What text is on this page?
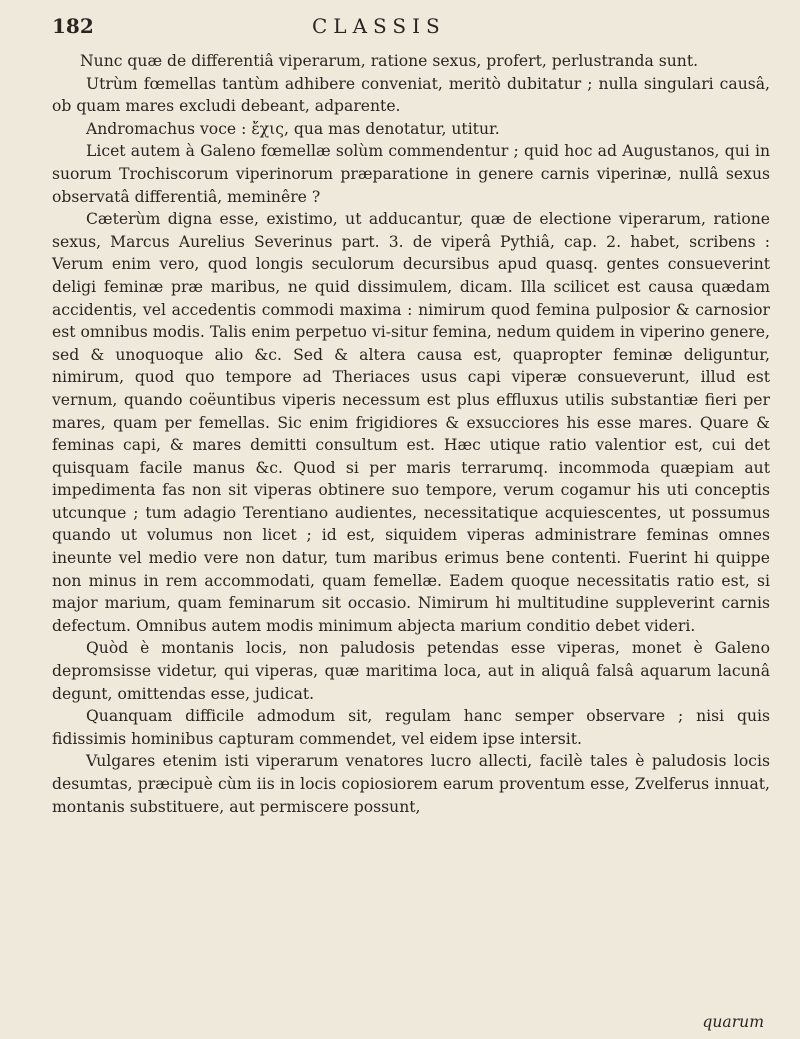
182	CLASSIS

Nunc quæ de differentiâ viperarum, ratione sexus, profert, perlustranda sunt.

Utrùm fœmellas tantùm adhibere conveniat, meritò dubitatur ; nulla singulari causâ, ob quam mares excludi debeant, adparente.

Andromachus voce : ἔχις, qua mas denotatur, utitur.

Licet autem à Galeno fœmellæ solùm commendentur ; quid hoc ad Augustanos, qui in suorum Trochiscorum viperinorum præparatione in genere carnis viperinæ, nullâ sexus observatâ differentiâ, meminêre ?

Cæterùm digna esse, existimo, ut adducantur, quæ de electione viperarum, ratione sexus, Marcus Aurelius Severinus part. 3. de viperâ Pythiâ, cap. 2. habet, scribens : Verum enim vero, quod longis seculorum decursibus apud quasq. gentes consueverint deligi feminæ præ maribus, ne quid dissimulem, dicam. Illa scilicet est causa quædam accidentis, vel accedentis commodi maxima : nimirum quod femina pulposior & carnosior est omnibus modis. Talis enim perpetuo vi-situr femina, nedum quidem in viperino genere, sed & unoquoque alio &c. Sed & altera causa est, quapropter feminæ deliguntur, nimirum, quod quo tempore ad Theriaces usus capi viperæ consueverunt, illud est vernum, quando coëuntibus viperis necessum est plus effluxus utilis substantiæ fieri per mares, quam per femellas. Sic enim frigidiores & exsucciores his esse mares. Quare & feminas capi, & mares demitti consultum est. Hæc utique ratio valentior est, cui det quisquam facile manus &c. Quod si per maris terrarumq. incommoda quæpiam aut impedimenta fas non sit viperas obtinere suo tempore, verum cogamur his uti conceptis utcunque ; tum adagio Terentiano audientes, necessitatique acquiescentes, ut possumus quando ut volumus non licet ; id est, siquidem viperas administrare feminas omnes ineunte vel medio vere non datur, tum maribus erimus bene contenti. Fuerint hi quippe non minus in rem accommodati, quam femellæ. Eadem quoque necessitatis ratio est, si major marium, quam feminarum sit occasio. Nimirum hi multitudine suppleverint carnis defectum. Omnibus autem modis minimum abjecta marium conditio debet videri.

Quòd è montanis locis, non paludosis petendas esse viperas, monet è Galeno depromsisse videtur, qui viperas, quæ maritima loca, aut in aliquâ falsâ aquarum lacunâ degunt, omittendas esse, judicat.

Quanquam difficile admodum sit, regulam hanc semper observare ; nisi quis fidissimis hominibus capturam commendet, vel eidem ipse intersit.

Vulgares etenim isti viperarum venatores lucro allecti, facilè tales è paludosis locis desumtas, præcipuè cùm iis in locis copiosiorem earum proventum esse, Zvelferus innuat, montanis substituere, aut permiscere possunt,

quarum
